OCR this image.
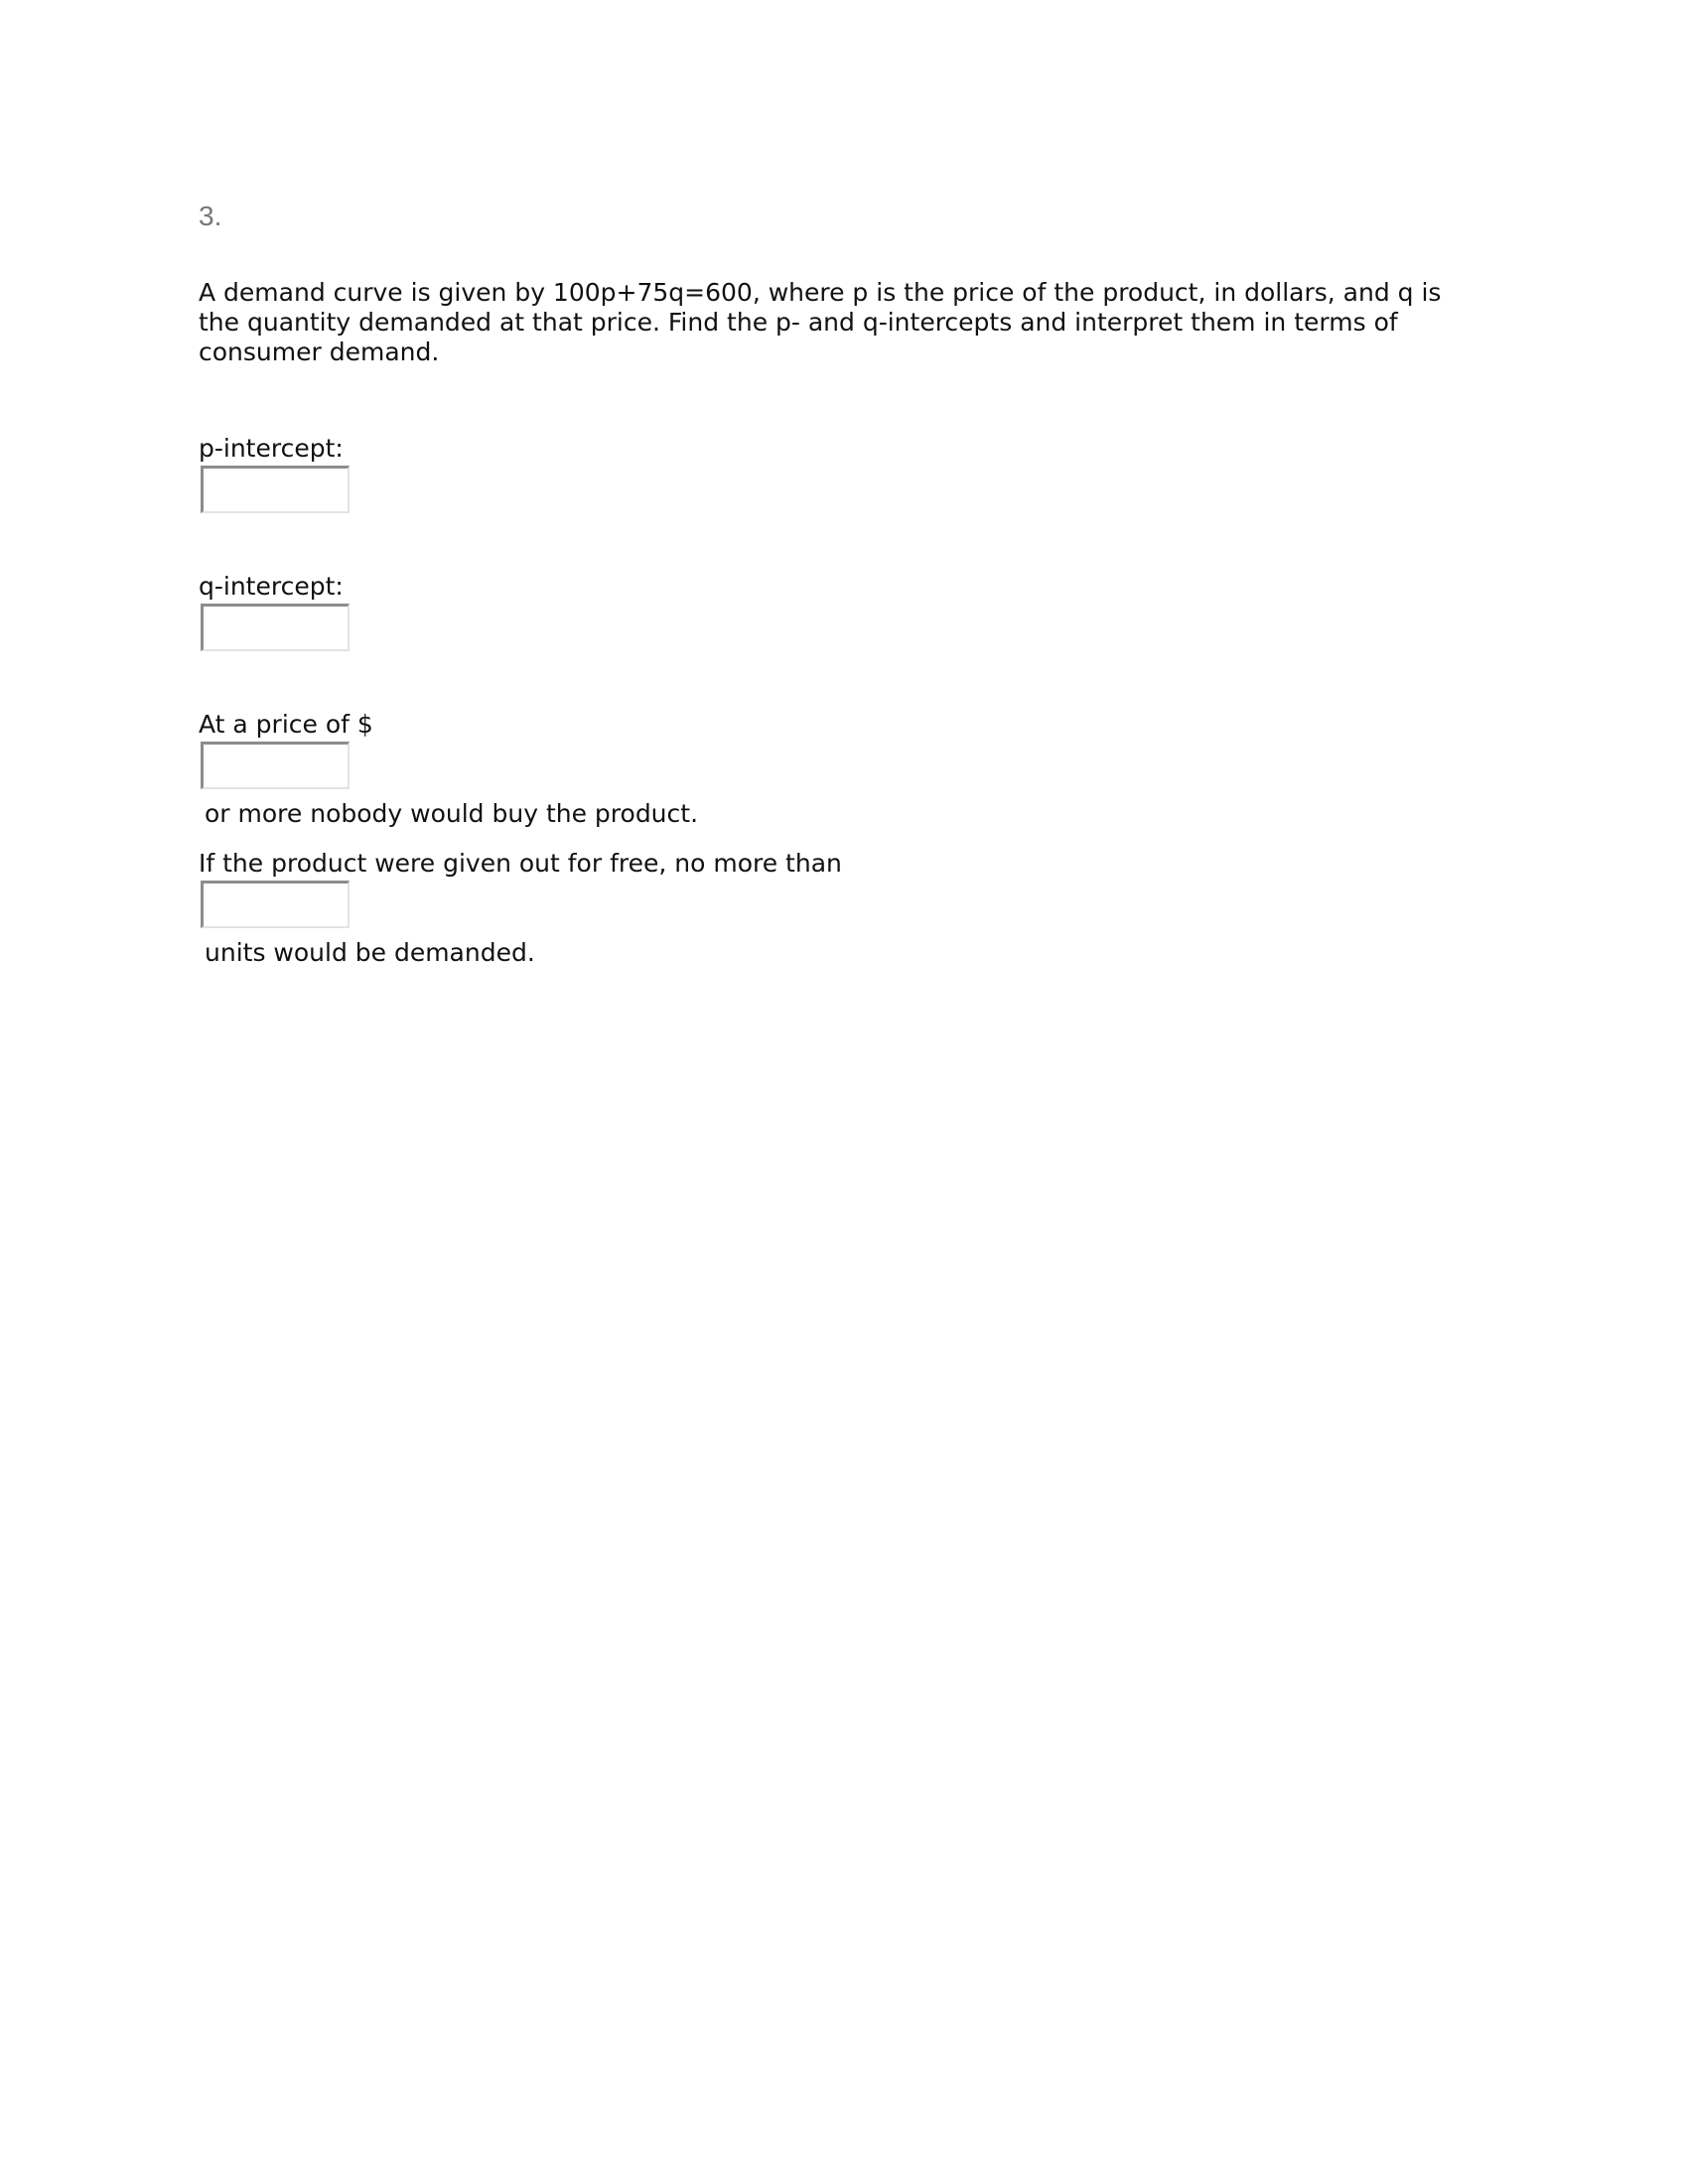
3.

A demand curve is given by 100p+75q=600, where p is the price of the product, in dollars, and q is the quantity demanded at that price. Find the p- and q-intercepts and interpret them in terms of consumer demand.

p-intercept:

q-intercept:

At a price of $

or more nobody would buy the product.

If the product were given out for free, no more than

units would be demanded.
